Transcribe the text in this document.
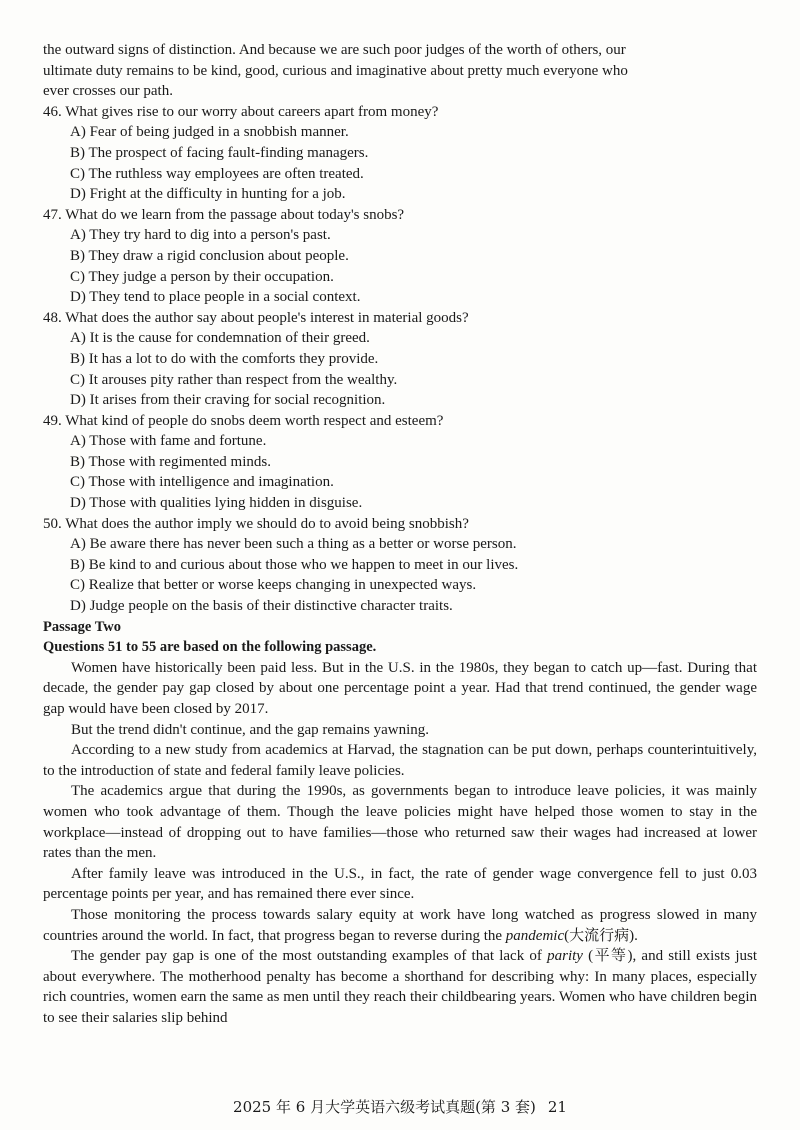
the outward signs of distinction. And because we are such poor judges of the worth of others, our

ultimate duty remains to be kind, good, curious and imaginative about pretty much everyone who

ever crosses our path.

46. What gives rise to our worry about careers apart from money?

A) Fear of being judged in a snobbish manner.

B) The prospect of facing fault-finding managers.

C) The ruthless way employees are often treated.

D) Fright at the difficulty in hunting for a job.

47. What do we learn from the passage about today's snobs?

A) They try hard to dig into a person's past.

B) They draw a rigid conclusion about people.

C) They judge a person by their occupation.

D) They tend to place people in a social context.

48. What does the author say about people's interest in material goods?

A) It is the cause for condemnation of their greed.

B) It has a lot to do with the comforts they provide.

C) It arouses pity rather than respect from the wealthy.

D) It arises from their craving for social recognition.

49. What kind of people do snobs deem worth respect and esteem?

A) Those with fame and fortune.

B) Those with regimented minds.

C) Those with intelligence and imagination.

D) Those with qualities lying hidden in disguise.

50. What does the author imply we should do to avoid being snobbish?

A) Be aware there has never been such a thing as a better or worse person.

B) Be kind to and curious about those who we happen to meet in our lives.

C) Realize that better or worse keeps changing in unexpected ways.

D) Judge people on the basis of their distinctive character traits.

Passage Two

Questions 51 to 55 are based on the following passage.

Women have historically been paid less. But in the U.S. in the 1980s, they began to catch up—fast. During that decade, the gender pay gap closed by about one percentage point a year. Had that trend continued, the gender wage gap would have been closed by 2017.

But the trend didn't continue, and the gap remains yawning.

According to a new study from academics at Harvad, the stagnation can be put down, perhaps counterintuitively, to the introduction of state and federal family leave policies.

The academics argue that during the 1990s, as governments began to introduce leave policies, it was mainly women who took advantage of them. Though the leave policies might have helped those women to stay in the workplace—instead of dropping out to have families—those who returned saw their wages had increased at lower rates than the men.

After family leave was introduced in the U.S., in fact, the rate of gender wage convergence fell to just 0.03 percentage points per year, and has remained there ever since.

Those monitoring the process towards salary equity at work have long watched as progress slowed in many countries around the world. In fact, that progress began to reverse during the pandemic(大流行病).

The gender pay gap is one of the most outstanding examples of that lack of parity (平等), and still exists just about everywhere. The motherhood penalty has become a shorthand for describing why: In many places, especially rich countries, women earn the same as men until they reach their childbearing years. Women who have children begin to see their salaries slip behind

2025 年 6 月大学英语六级考试真题(第 3 套) 21
